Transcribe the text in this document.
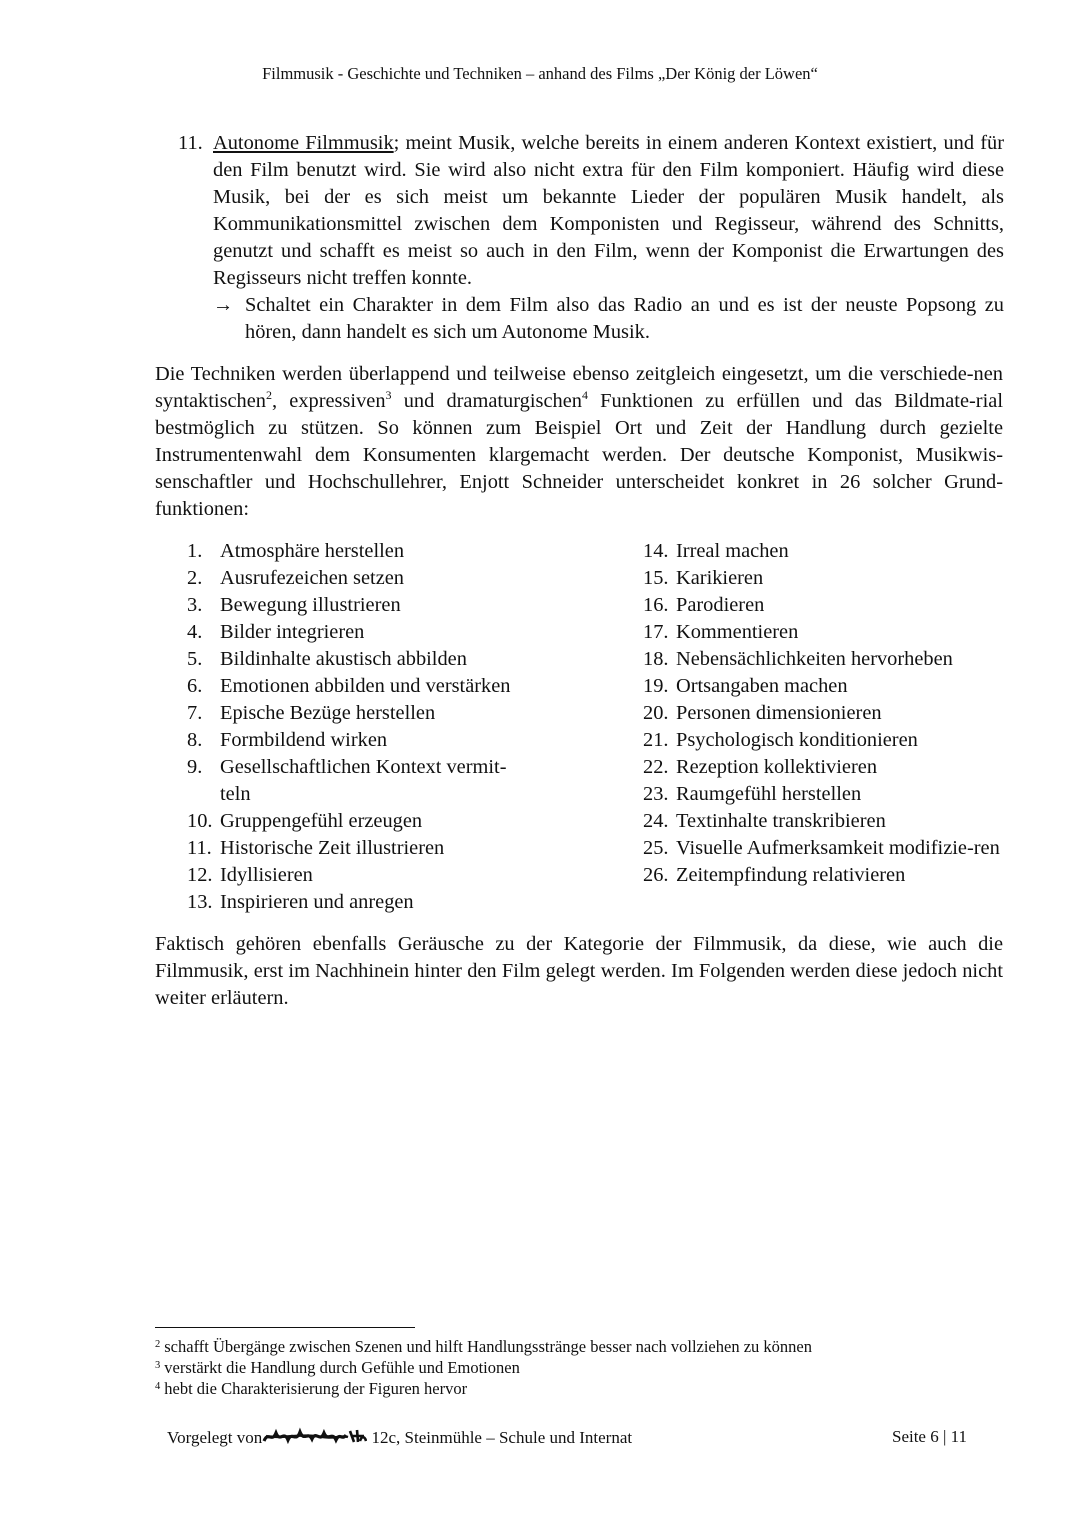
Filmmusik - Geschichte und Techniken – anhand des Films „Der König der Löwen“
11. Autonome Filmmusik; meint Musik, welche bereits in einem anderen Kontext existiert, und für den Film benutzt wird. Sie wird also nicht extra für den Film komponiert. Häufig wird diese Musik, bei der es sich meist um bekannte Lieder der populären Musik handelt, als Kommunikationsmittel zwischen dem Komponisten und Regisseur, während des Schnitts, genutzt und schafft es meist so auch in den Film, wenn der Komponist die Erwartungen des Regisseurs nicht treffen konnte.
→ Schaltet ein Charakter in dem Film also das Radio an und es ist der neuste Popsong zu hören, dann handelt es sich um Autonome Musik.
Die Techniken werden überlappend und teilweise ebenso zeitgleich eingesetzt, um die verschiede-nen syntaktischen$^2$, expressiven$^3$ und dramaturgischen$^4$ Funktionen zu erfüllen und das Bildmate-rial bestmöglich zu stützen. So können zum Beispiel Ort und Zeit der Handlung durch gezielte Instrumentenwahl dem Konsumenten klargemacht werden. Der deutsche Komponist, Musikwis-senschaftler und Hochschullehrer, Enjott Schneider unterscheidet konkret in 26 solcher Grund-funktionen:
1. Atmosphäre herstellen
2. Ausrufezeichen setzen
3. Bewegung illustrieren
4. Bilder integrieren
5. Bildinhalte akustisch abbilden
6. Emotionen abbilden und verstärken
7. Epische Bezüge herstellen
8. Formbildend wirken
9. Gesellschaftlichen Kontext vermit-teln
10. Gruppengefühl erzeugen
11. Historische Zeit illustrieren
12. Idyllisieren
13. Inspirieren und anregen
14. Irreal machen
15. Karikieren
16. Parodieren
17. Kommentieren
18. Nebensächlichkeiten hervorheben
19. Ortsangaben machen
20. Personen dimensionieren
21. Psychologisch konditionieren
22. Rezeption kollektivieren
23. Raumgefühl herstellen
24. Textinhalte transkribieren
25. Visuelle Aufmerksamkeit modifizie-ren
26. Zeitempfindung relativieren
Faktisch gehören ebenfalls Geräusche zu der Kategorie der Filmmusik, da diese, wie auch die Filmmusik, erst im Nachhinein hinter den Film gelegt werden. Im Folgenden werden diese jedoch nicht weiter erläutern.
$^2$ schafft Übergänge zwischen Szenen und hilft Handlungsstränge besser nach vollziehen zu können
$^3$ verstärkt die Handlung durch Gefühle und Emotionen
$^4$ hebt die Charakterisierung der Figuren hervor
Vorgelegt von	12c, Steinmühle – Schule und Internat	Seite 6 | 11
